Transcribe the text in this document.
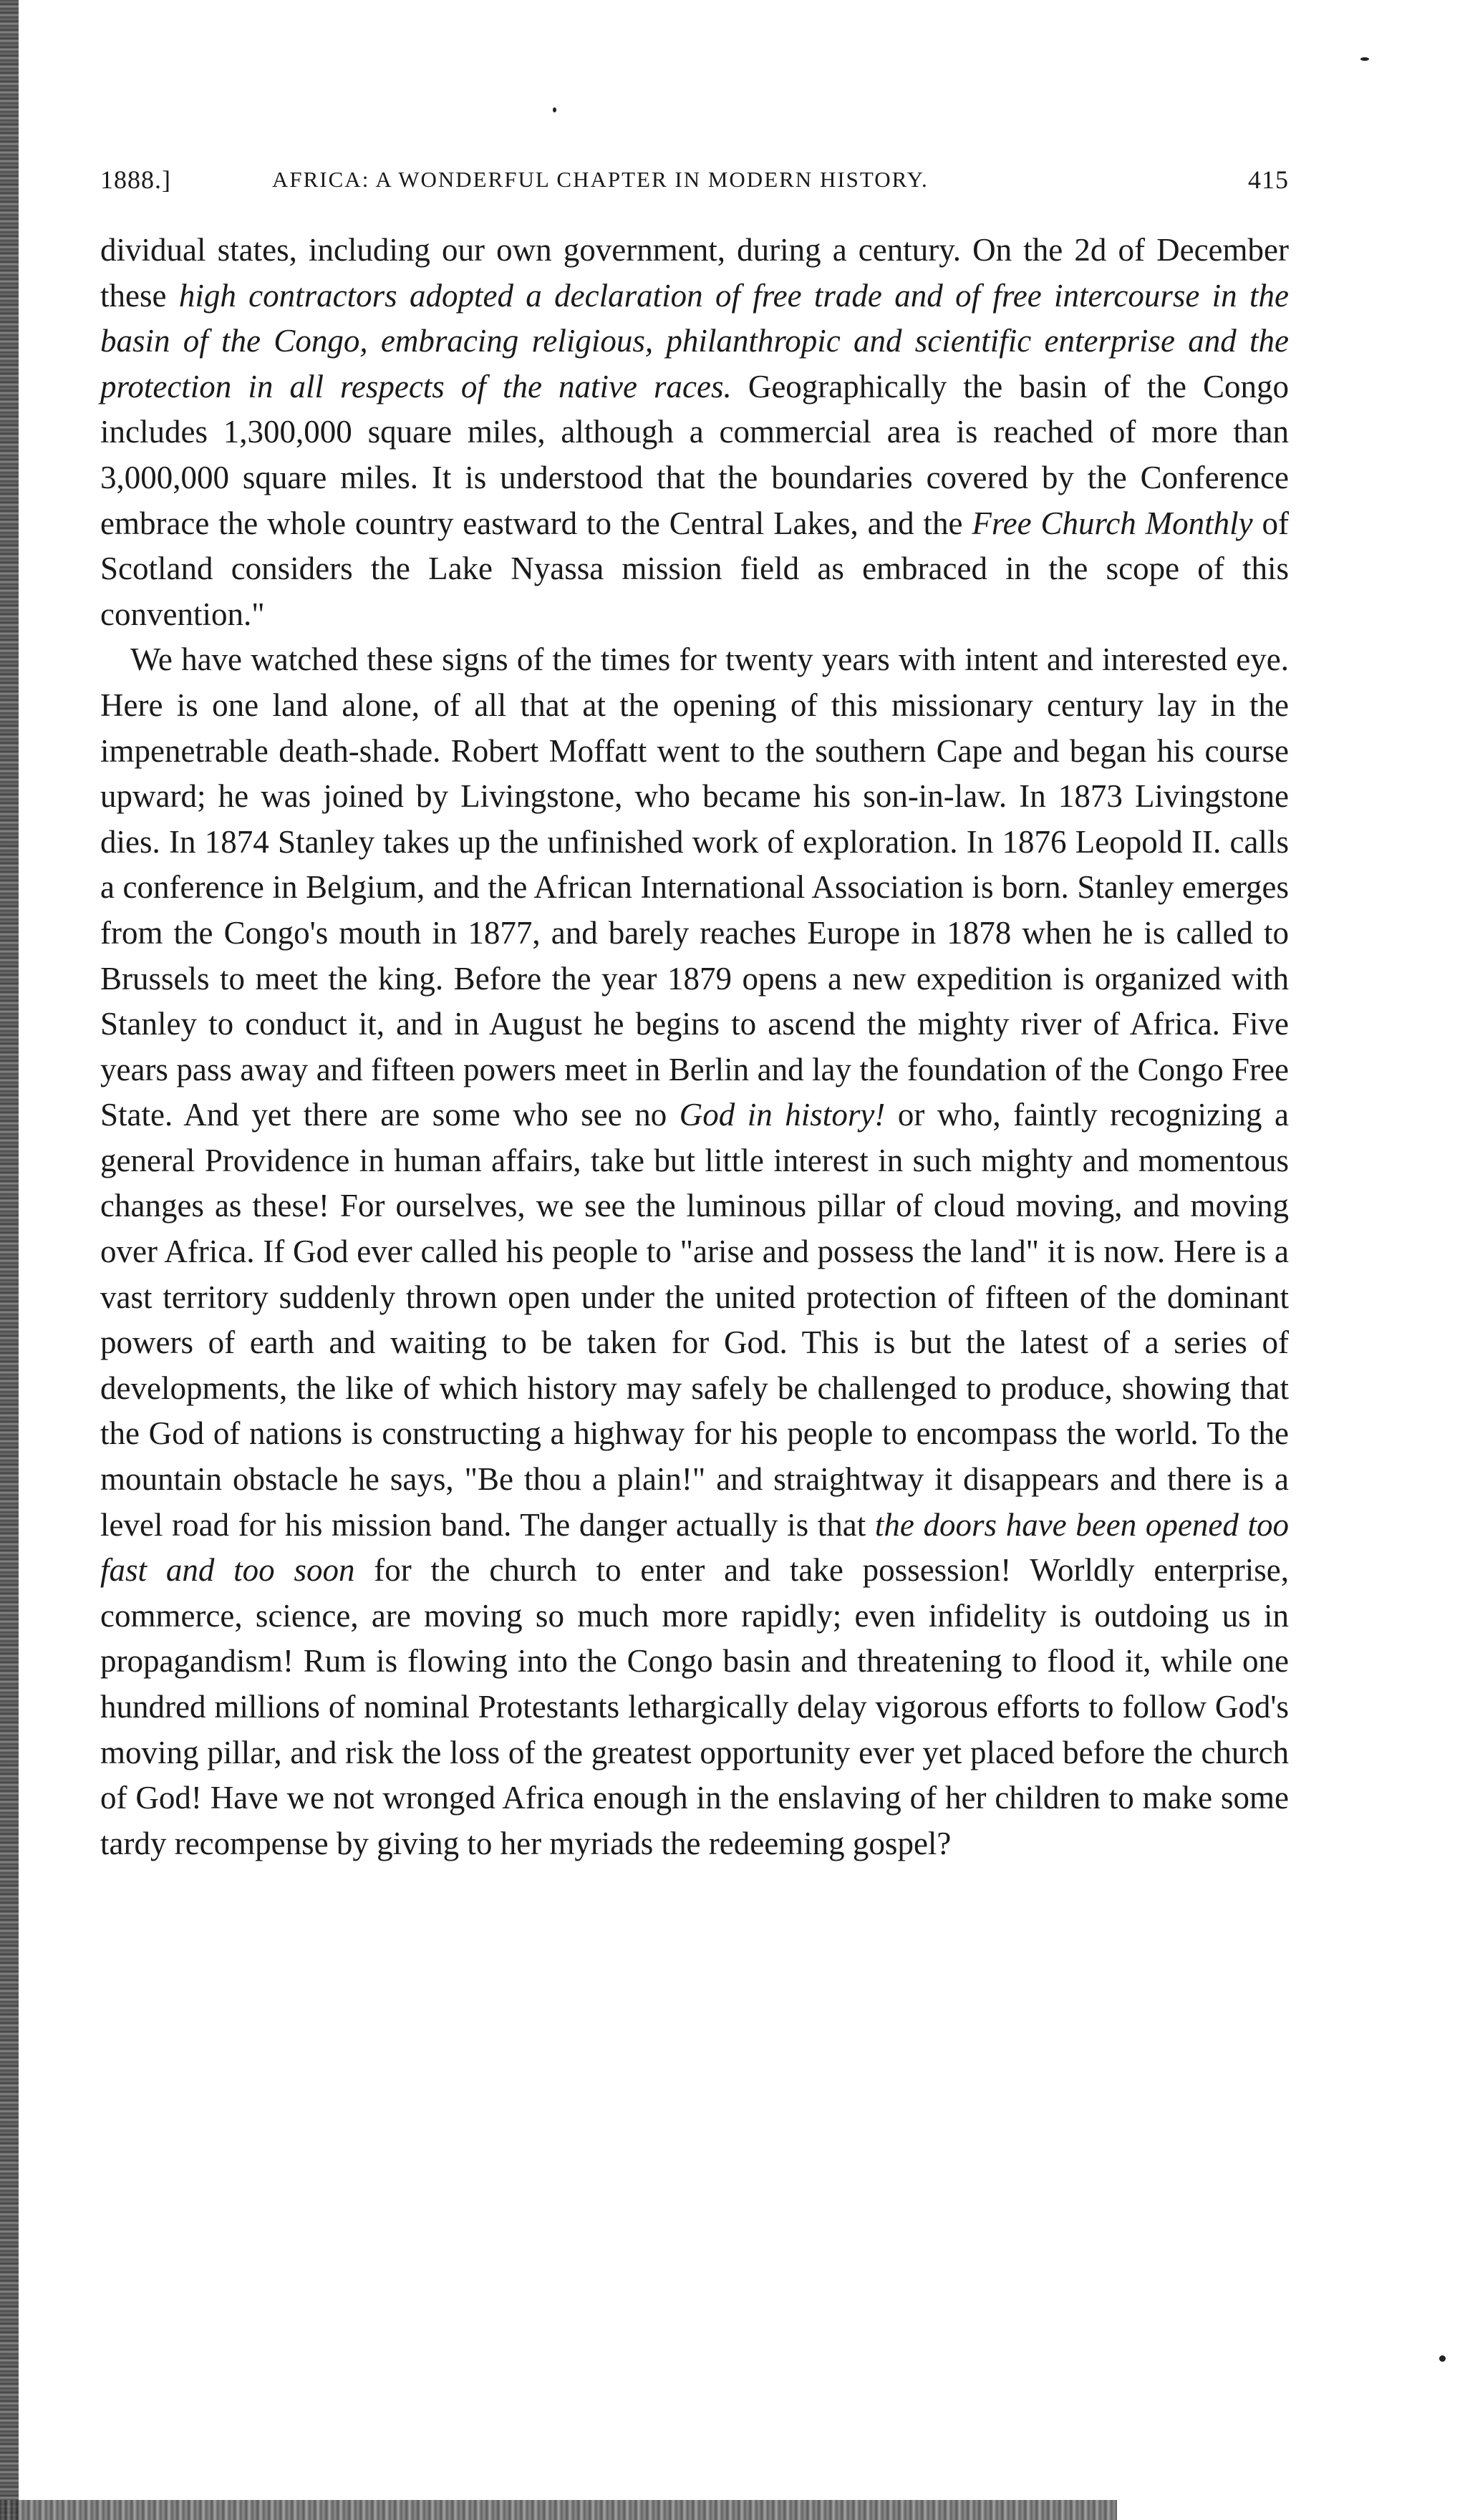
1888.]	AFRICA: A WONDERFUL CHAPTER IN MODERN HISTORY.	415

dividual states, including our own government, during a century. On the 2d of December these high contractors adopted a declaration of free trade and of free intercourse in the basin of the Congo, embracing religious, philanthropic and scientific enterprise and the protection in all respects of the native races. Geographically the basin of the Congo includes 1,300,000 square miles, although a commercial area is reached of more than 3,000,000 square miles. It is understood that the boundaries covered by the Conference embrace the whole country eastward to the Central Lakes, and the Free Church Monthly of Scotland considers the Lake Nyassa mission field as embraced in the scope of this convention."

We have watched these signs of the times for twenty years with intent and interested eye. Here is one land alone, of all that at the opening of this missionary century lay in the impenetrable death-shade. Robert Moffatt went to the southern Cape and began his course upward; he was joined by Livingstone, who became his son-in-law. In 1873 Livingstone dies. In 1874 Stanley takes up the unfinished work of exploration. In 1876 Leopold II. calls a conference in Belgium, and the African International Association is born. Stanley emerges from the Congo's mouth in 1877, and barely reaches Europe in 1878 when he is called to Brussels to meet the king. Before the year 1879 opens a new expedition is organized with Stanley to conduct it, and in August he begins to ascend the mighty river of Africa. Five years pass away and fifteen powers meet in Berlin and lay the foundation of the Congo Free State. And yet there are some who see no God in history! or who, faintly recognizing a general Providence in human affairs, take but little interest in such mighty and momentous changes as these! For ourselves, we see the luminous pillar of cloud moving, and moving over Africa. If God ever called his people to "arise and possess the land" it is now. Here is a vast territory suddenly thrown open under the united protection of fifteen of the dominant powers of earth and waiting to be taken for God. This is but the latest of a series of developments, the like of which history may safely be challenged to produce, showing that the God of nations is constructing a highway for his people to encompass the world. To the mountain obstacle he says, "Be thou a plain!" and straightway it disappears and there is a level road for his mission band. The danger actually is that the doors have been opened too fast and too soon for the church to enter and take possession! Worldly enterprise, commerce, science, are moving so much more rapidly; even infidelity is outdoing us in propagandism! Rum is flowing into the Congo basin and threatening to flood it, while one hundred millions of nominal Protestants lethargically delay vigorous efforts to follow God's moving pillar, and risk the loss of the greatest opportunity ever yet placed before the church of God! Have we not wronged Africa enough in the enslaving of her children to make some tardy recompense by giving to her myriads the redeeming gospel?
